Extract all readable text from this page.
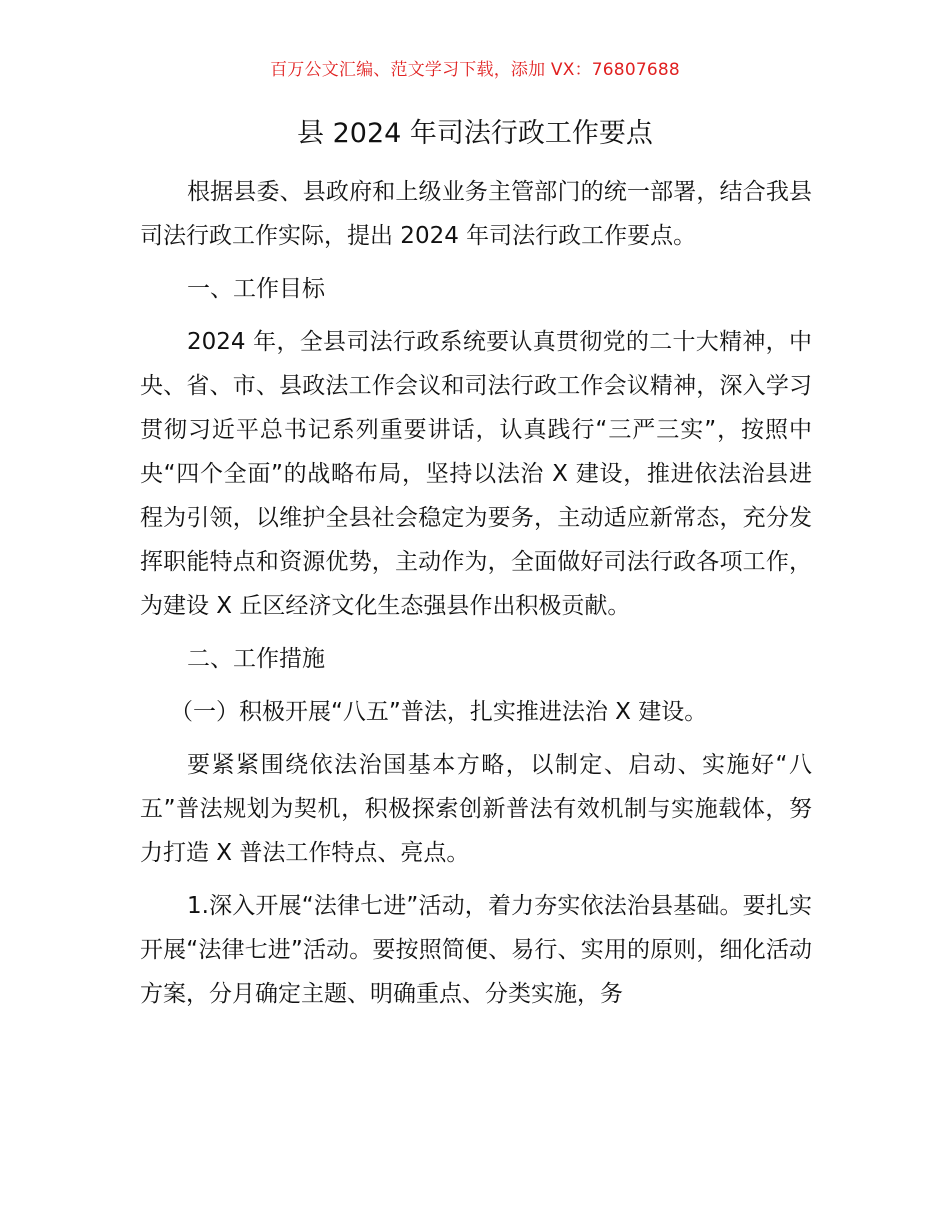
百万公文汇编、范文学习下载，添加 VX：76807688
县 2024 年司法行政工作要点

根据县委、县政府和上级业务主管部门的统一部署，结合我县司法行政工作实际，提出 2024 年司法行政工作要点。

一、工作目标

2024 年，全县司法行政系统要认真贯彻党的二十大精神，中央、省、市、县政法工作会议和司法行政工作会议精神，深入学习贯彻习近平总书记系列重要讲话，认真践行“三严三实”，按照中央“四个全面”的战略布局，坚持以法治 X 建设，推进依法治县进程为引领，以维护全县社会稳定为要务，主动适应新常态，充分发挥职能特点和资源优势，主动作为，全面做好司法行政各项工作，为建设 X 丘区经济文化生态强县作出积极贡献。

二、工作措施

（一）积极开展“八五”普法，扎实推进法治 X 建设。

要紧紧围绕依法治国基本方略，以制定、启动、实施好“八五”普法规划为契机，积极探索创新普法有效机制与实施载体，努力打造 X 普法工作特点、亮点。

1.深入开展“法律七进”活动，着力夯实依法治县基础。要扎实开展“法律七进”活动。要按照简便、易行、实用的原则，细化活动方案，分月确定主题、明确重点、分类实施，务
